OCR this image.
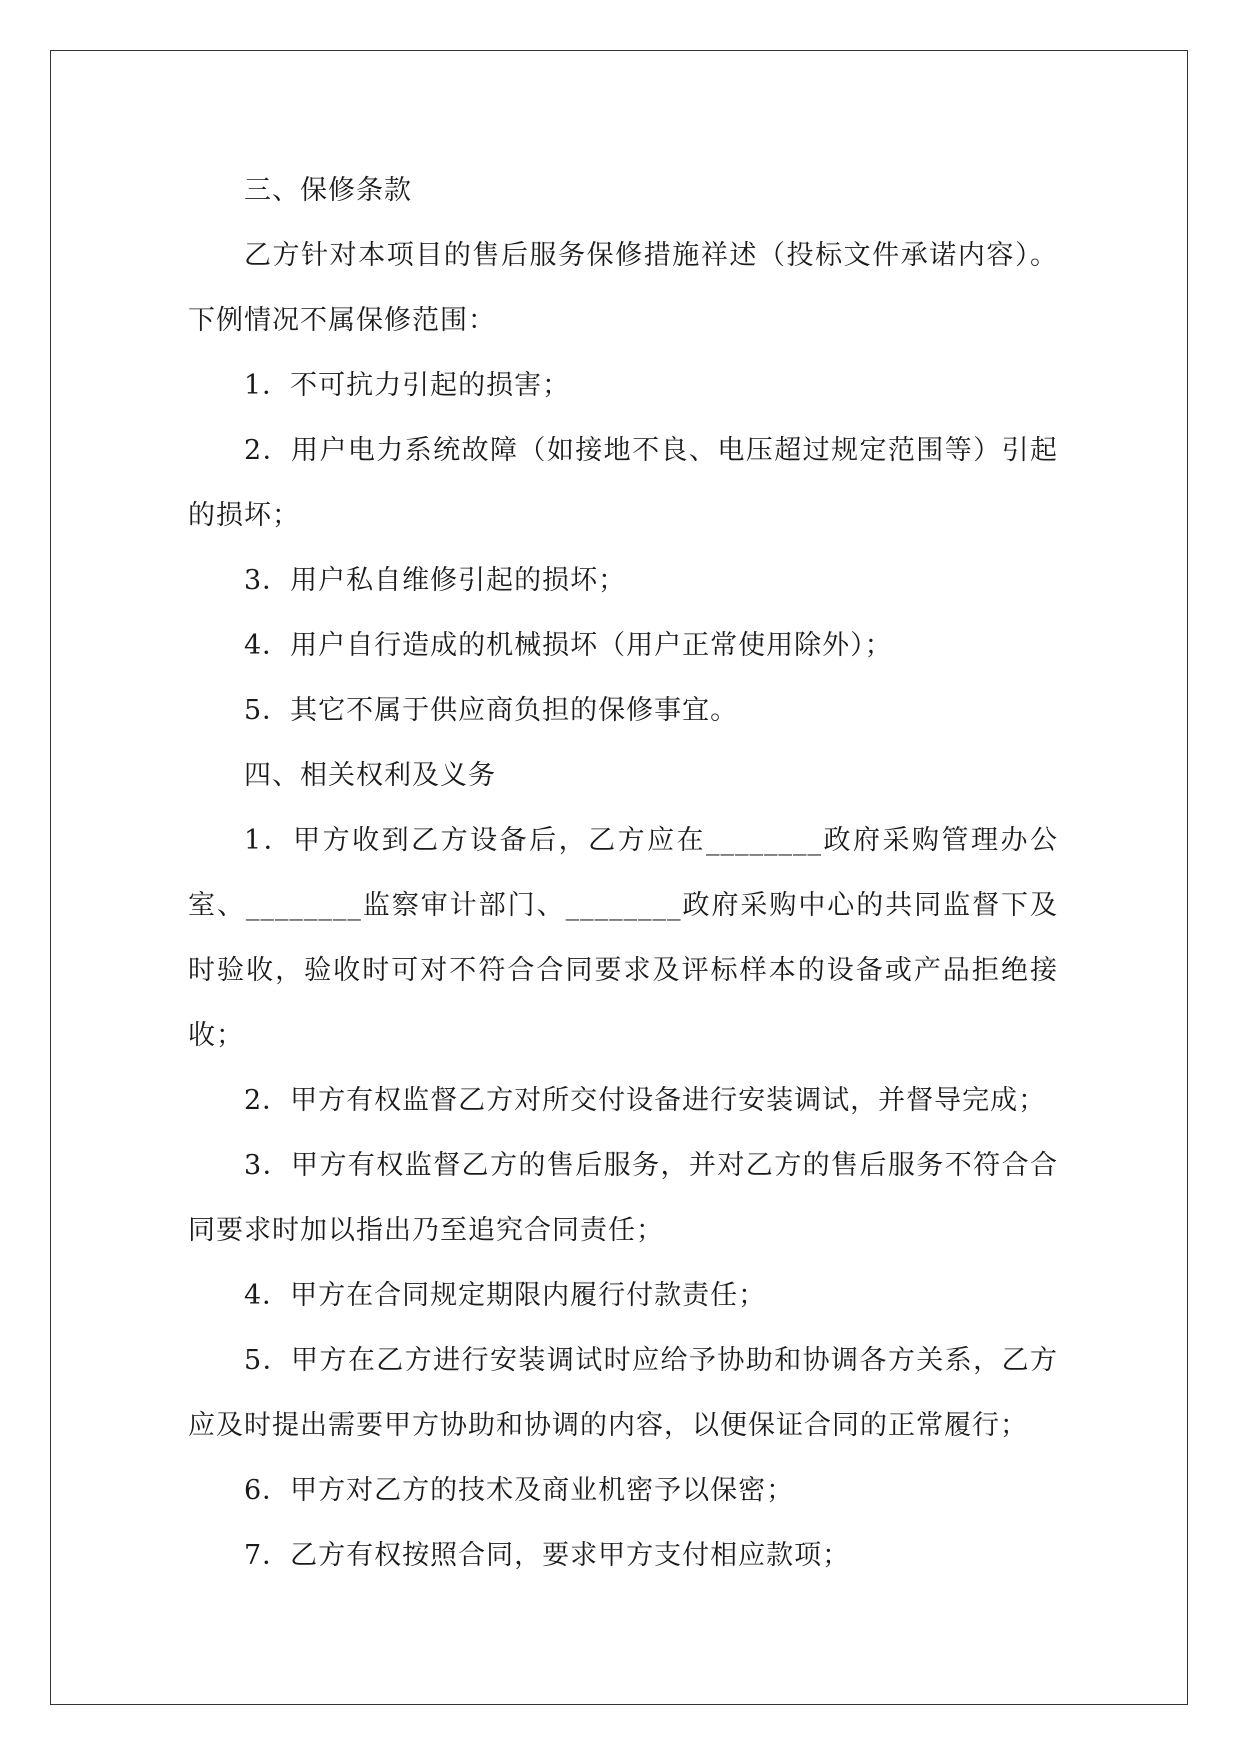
三、保修条款

乙方针对本项目的售后服务保修措施祥述（投标文件承诺内容）。下例情况不属保修范围：

1．不可抗力引起的损害；

2．用户电力系统故障（如接地不良、电压超过规定范围等）引起的损坏；

3．用户私自维修引起的损坏；

4．用户自行造成的机械损坏（用户正常使用除外）；

5．其它不属于供应商负担的保修事宜。

四、相关权利及义务

1．甲方收到乙方设备后，乙方应在________政府采购管理办公室、________监察审计部门、________政府采购中心的共同监督下及时验收，验收时可对不符合合同要求及评标样本的设备或产品拒绝接收；

2．甲方有权监督乙方对所交付设备进行安装调试，并督导完成；

3．甲方有权监督乙方的售后服务，并对乙方的售后服务不符合合同要求时加以指出乃至追究合同责任；

4．甲方在合同规定期限内履行付款责任；

5．甲方在乙方进行安装调试时应给予协助和协调各方关系，乙方应及时提出需要甲方协助和协调的内容，以便保证合同的正常履行；

6．甲方对乙方的技术及商业机密予以保密；

7．乙方有权按照合同，要求甲方支付相应款项；
